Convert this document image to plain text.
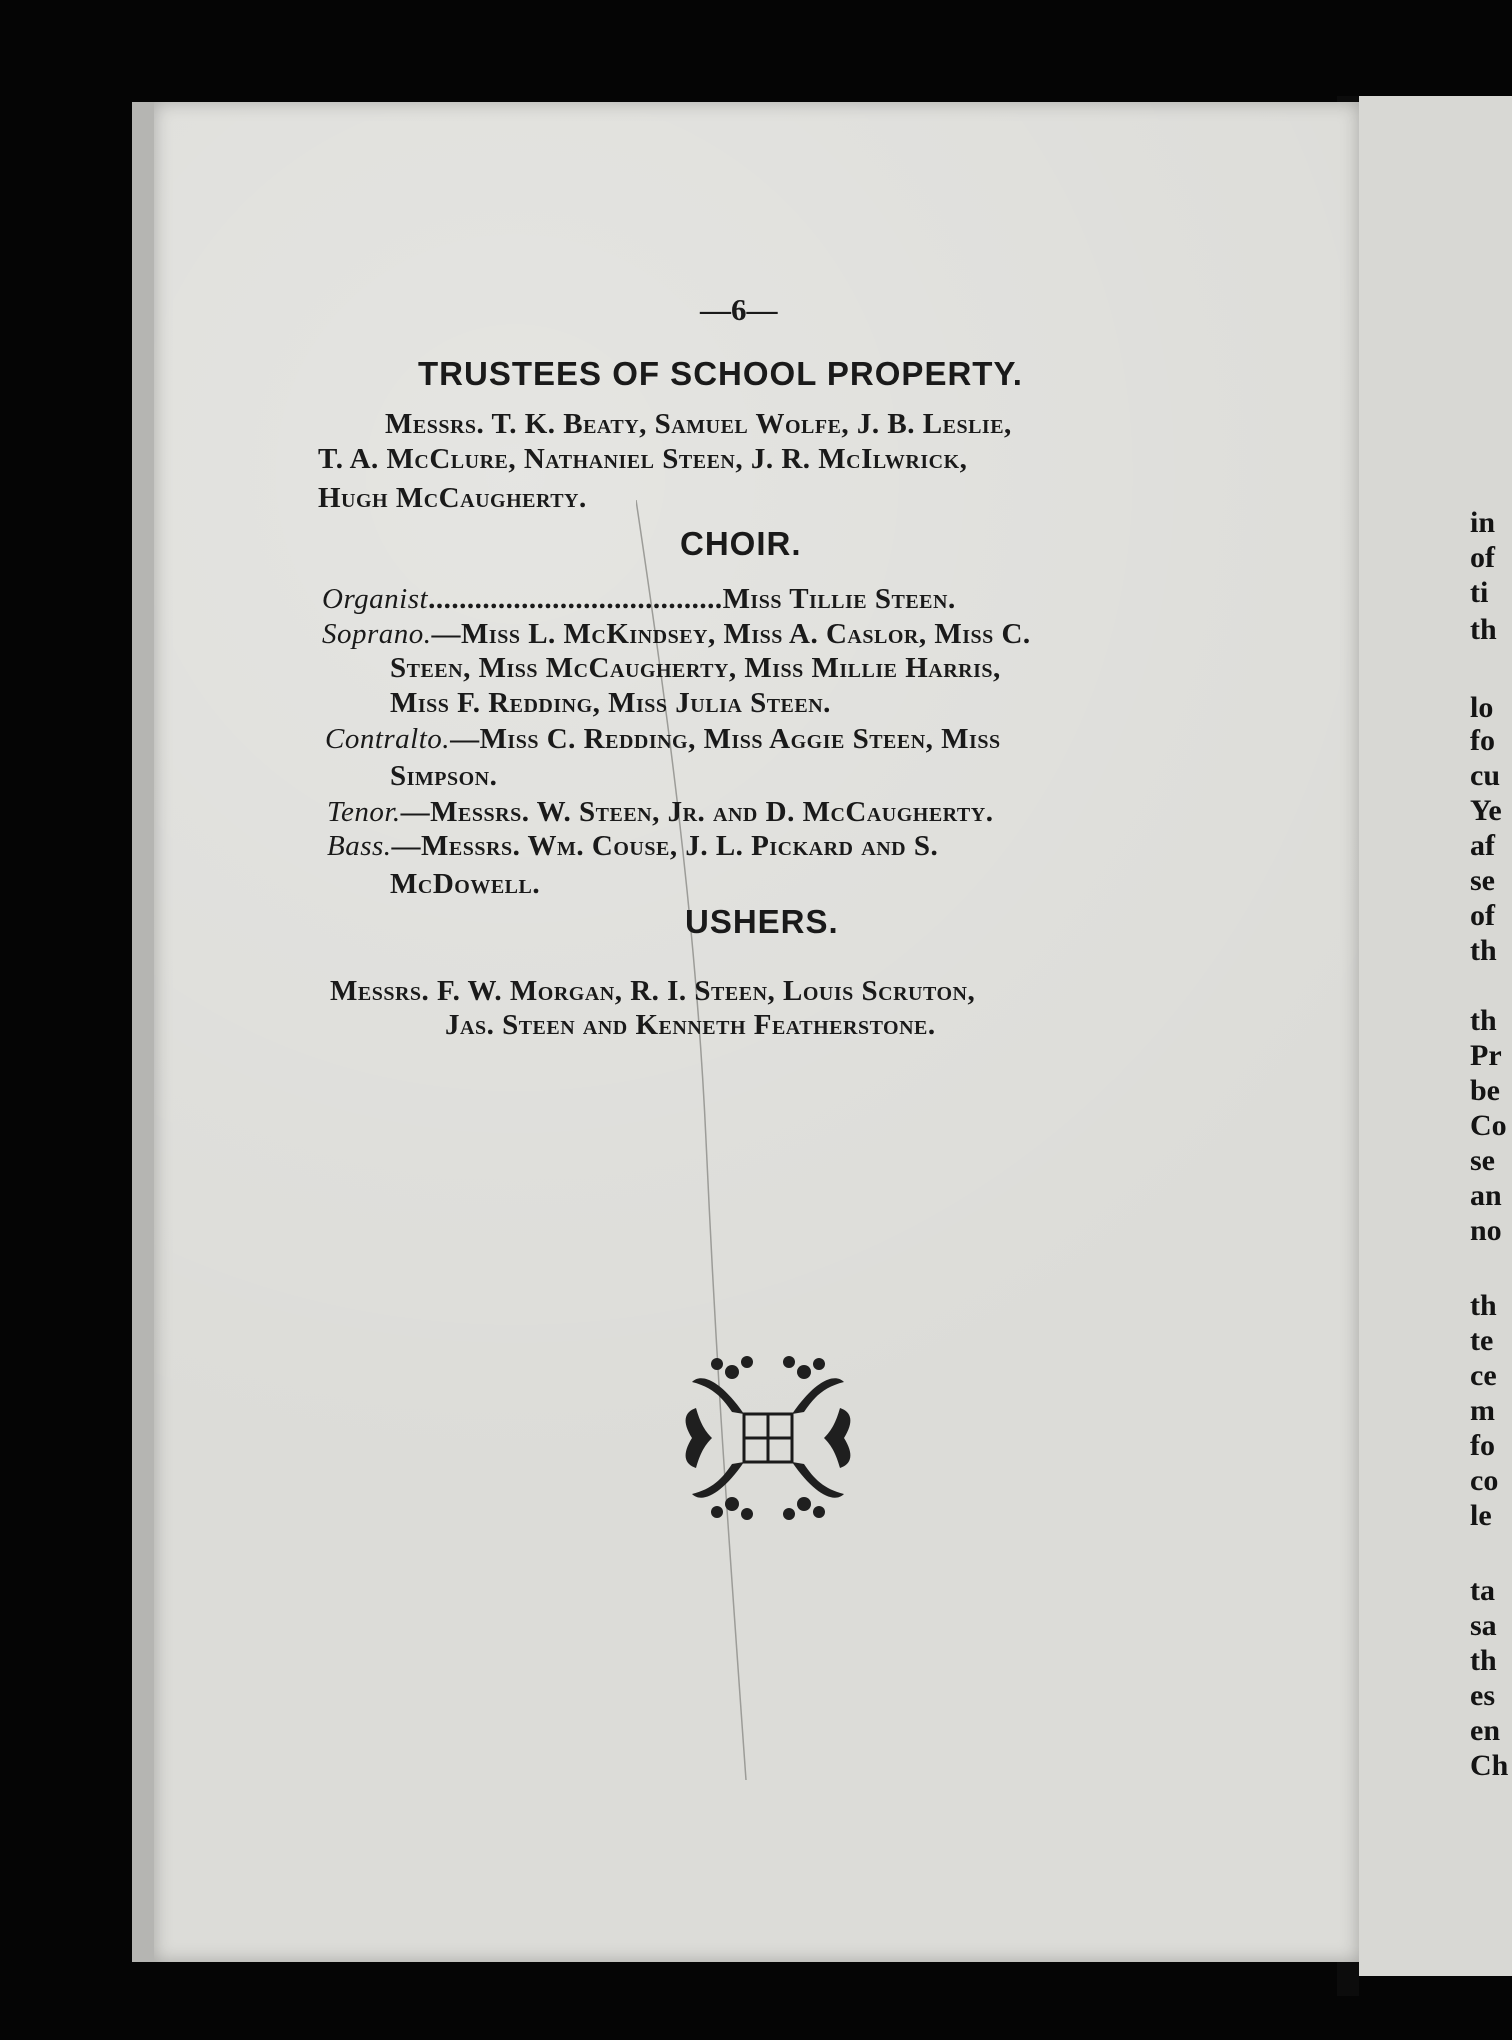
in
of
ti
th
lo
fo
cu
Ye
af
se
of
th
th
Pr
be
Co
se
an
no
th
te
ce
m
fo
co
le
ta
sa
th
es
en
Ch
—6—
TRUSTEES OF SCHOOL PROPERTY.
Messrs. T. K. Beaty, Samuel Wolfe, J. B. Leslie,
T. A. McClure, Nathaniel Steen, J. R. McIlwrick,
Hugh McCaugherty.
CHOIR.
Organist......................................Miss Tillie Steen.
Soprano.—Miss L. McKindsey, Miss A. Caslor, Miss C.
Steen, Miss McCaugherty, Miss Millie Harris,
Miss F. Redding, Miss Julia Steen.
Contralto.—Miss C. Redding, Miss Aggie Steen, Miss
Simpson.
Tenor.—Messrs. W. Steen, Jr. and D. McCaugherty.
Bass.—Messrs. Wm. Couse, J. L. Pickard and S.
McDowell.
USHERS.
Messrs. F. W. Morgan, R. I. Steen, Louis Scruton,
Jas. Steen and Kenneth Featherstone.
